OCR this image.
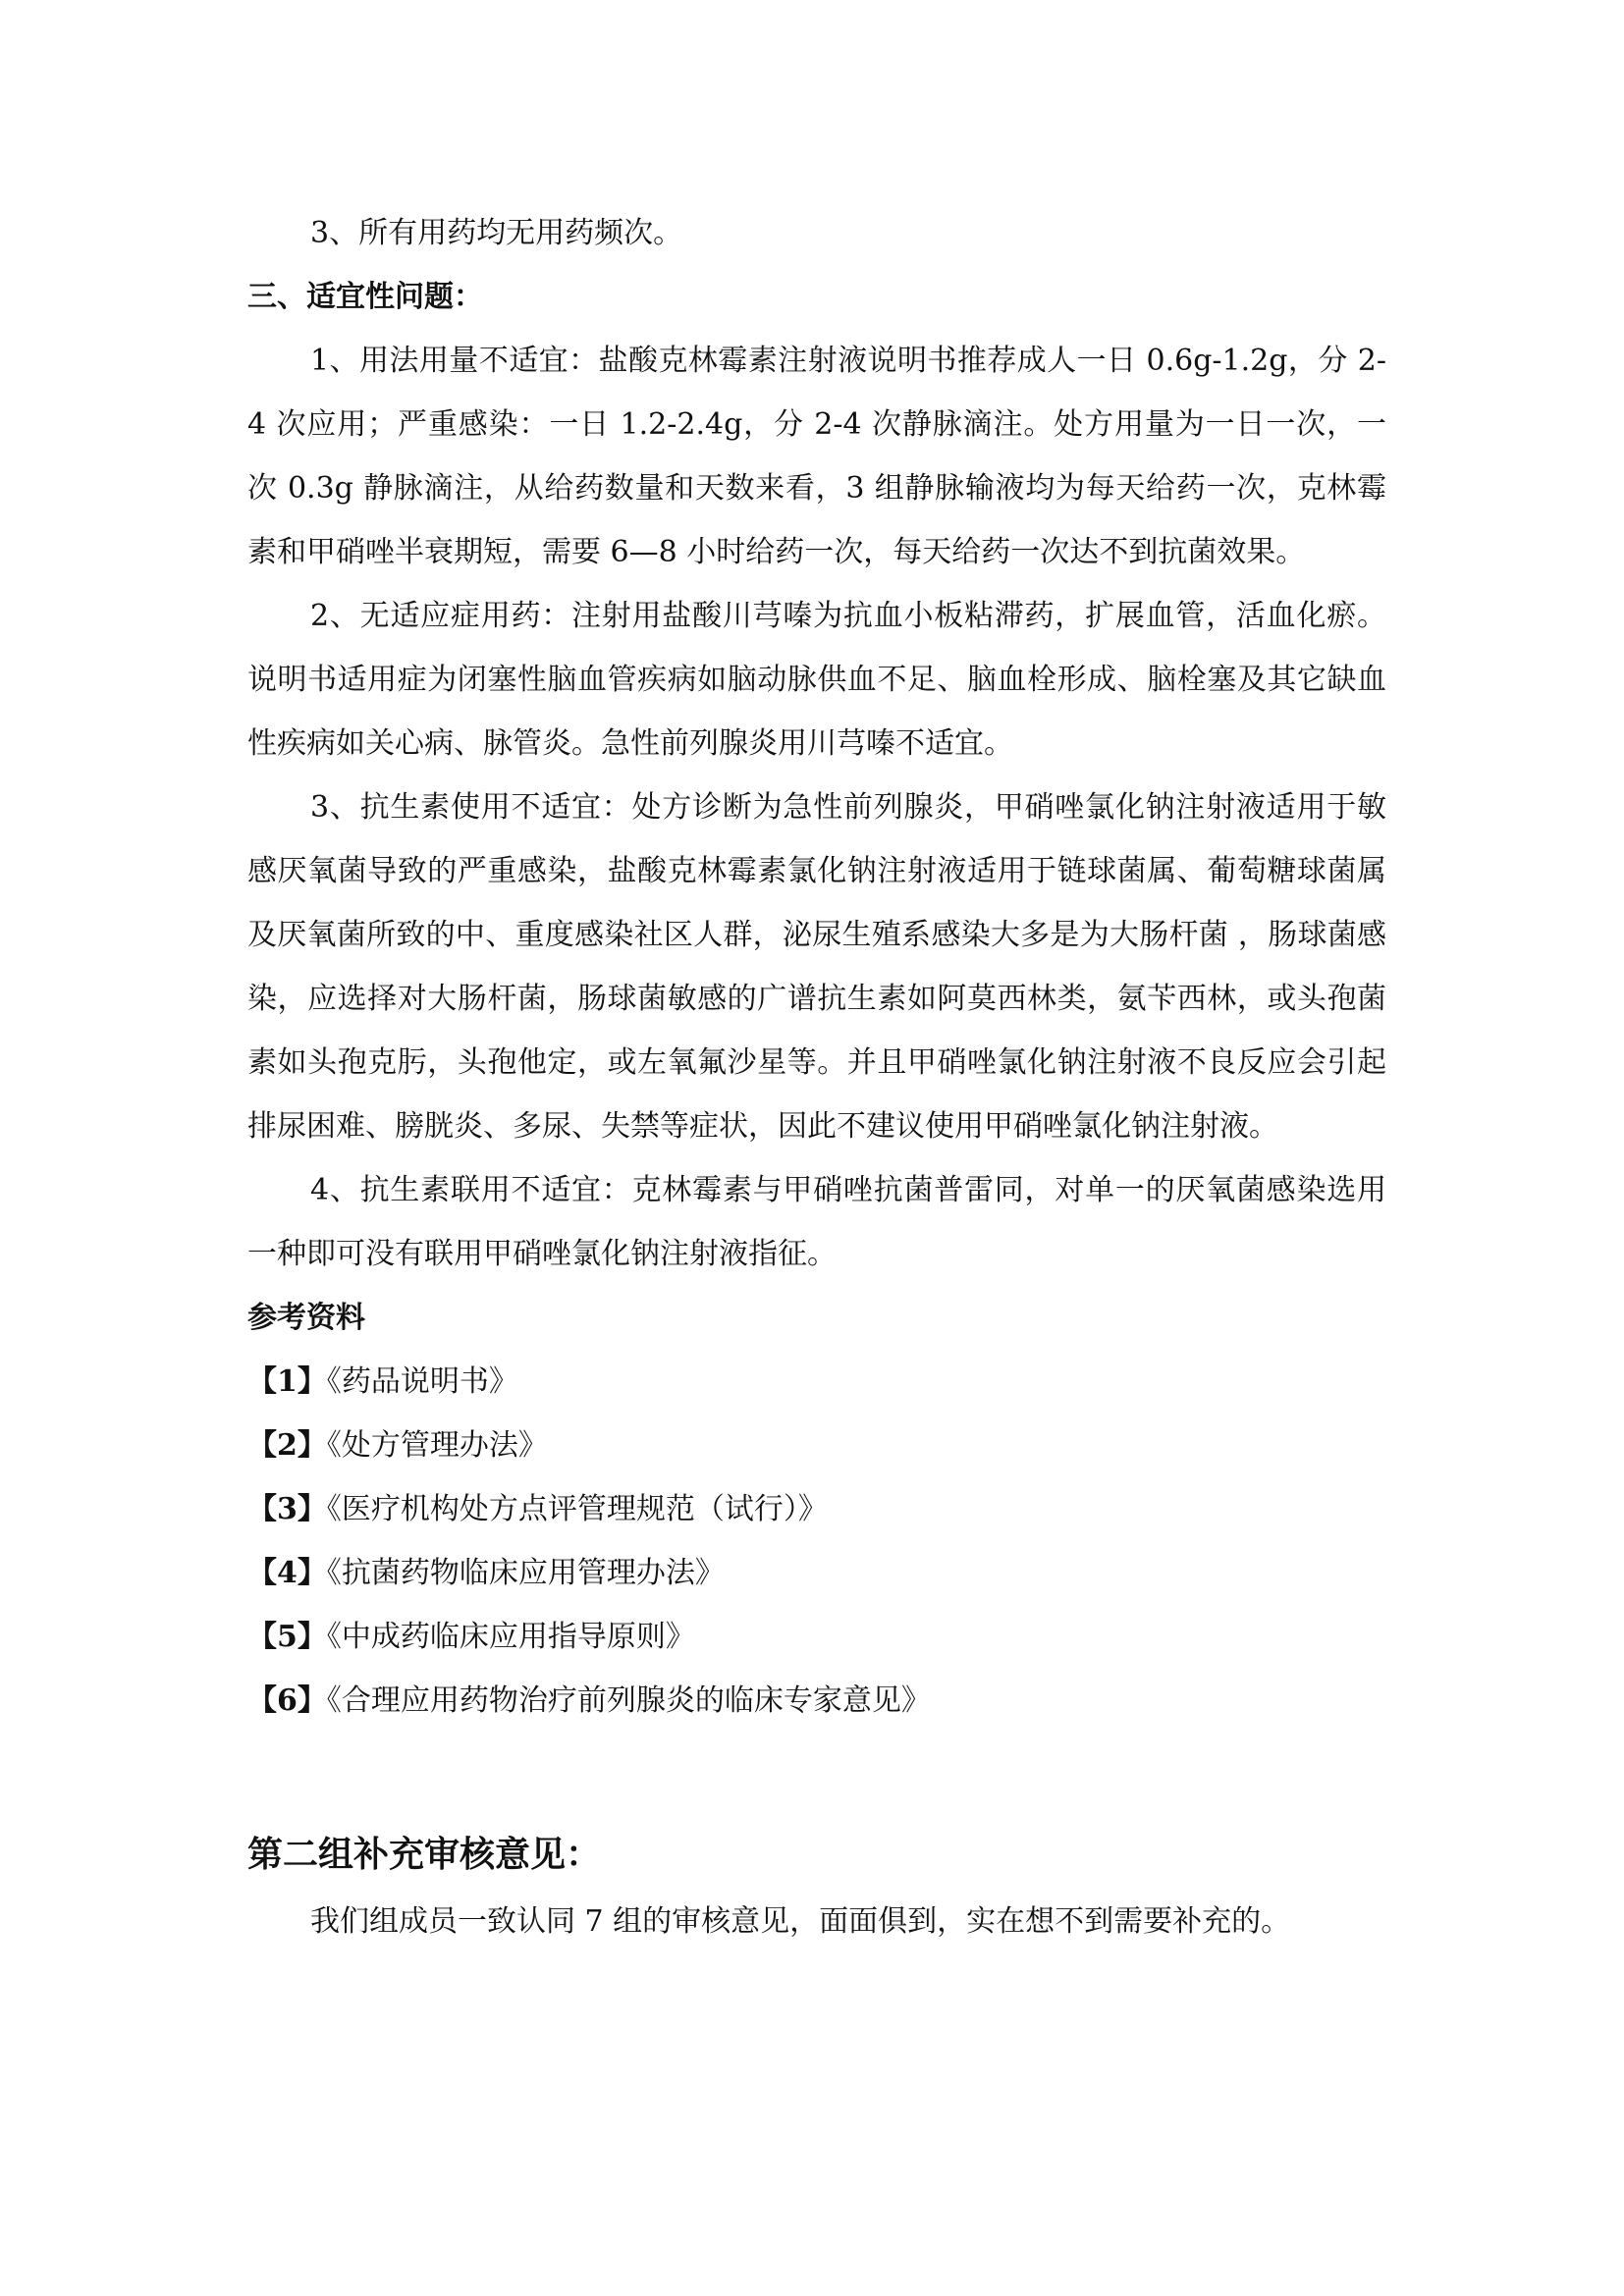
3、所有用药均无用药频次。

三、适宜性问题：

1、用法用量不适宜：盐酸克林霉素注射液说明书推荐成人一日 0.6g-1.2g，分 2-4 次应用；严重感染：一日 1.2-2.4g，分 2-4 次静脉滴注。处方用量为一日一次，一次 0.3g 静脉滴注，从给药数量和天数来看，3 组静脉输液均为每天给药一次，克林霉素和甲硝唑半衰期短，需要 6—8 小时给药一次，每天给药一次达不到抗菌效果。

2、无适应症用药：注射用盐酸川芎嗪为抗血小板粘滞药，扩展血管，活血化瘀。说明书适用症为闭塞性脑血管疾病如脑动脉供血不足、脑血栓形成、脑栓塞及其它缺血性疾病如关心病、脉管炎。急性前列腺炎用川芎嗪不适宜。

3、抗生素使用不适宜：处方诊断为急性前列腺炎，甲硝唑氯化钠注射液适用于敏感厌氧菌导致的严重感染，盐酸克林霉素氯化钠注射液适用于链球菌属、葡萄糖球菌属及厌氧菌所致的中、重度感染社区人群，泌尿生殖系感染大多是为大肠杆菌 ，肠球菌感染，应选择对大肠杆菌，肠球菌敏感的广谱抗生素如阿莫西林类，氨苄西林，或头孢菌素如头孢克肟，头孢他定，或左氧氟沙星等。并且甲硝唑氯化钠注射液不良反应会引起排尿困难、膀胱炎、多尿、失禁等症状，因此不建议使用甲硝唑氯化钠注射液。

4、抗生素联用不适宜：克林霉素与甲硝唑抗菌普雷同，对单一的厌氧菌感染选用一种即可没有联用甲硝唑氯化钠注射液指征。

参考资料

【1】《药品说明书》
【2】《处方管理办法》
【3】《医疗机构处方点评管理规范（试行）》
【4】《抗菌药物临床应用管理办法》
【5】《中成药临床应用指导原则》
【6】《合理应用药物治疗前列腺炎的临床专家意见》

第二组补充审核意见：

我们组成员一致认同 7 组的审核意见，面面俱到，实在想不到需要补充的。
